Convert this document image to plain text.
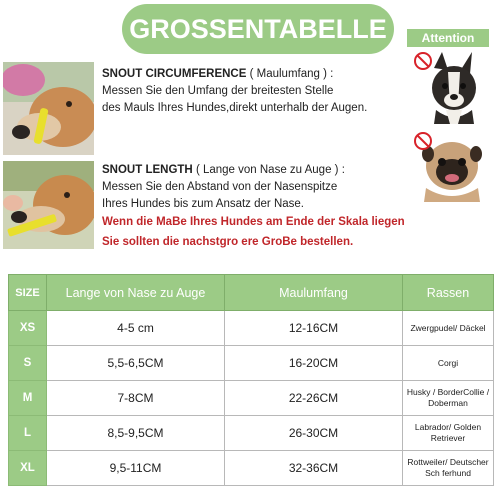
GROSSENTABELLE	Attention
SNOUT CIRCUMFERENCE ( Maulumfang ) :
Messen Sie den Umfang der breitesten Stelle
des Mauls Ihres Hundes,direkt unterhalb der Augen.
SNOUT LENGTH ( Lange von Nase zu Auge ) :
Messen Sie den Abstand von der Nasenspitze
Ihres Hundes bis zum Ansatz der Nase.
Wenn die MaBe Ihres Hundes am Ende der Skala liegen
Sie sollten die nachstgro ere GroBe bestellen.
SIZE	Lange von Nase zu Auge	Maulumfang	Rassen
XS	4-5 cm	12-16CM	Zwergpudel/ Däckel
S	5,5-6,5CM	16-20CM	Corgi
M	7-8CM	22-26CM	Husky / BorderCollie / Doberman
L	8,5-9,5CM	26-30CM	Labrador/ Golden Retriever
XL	9,5-11CM	32-36CM	Rottweiler/ Deutscher Sch ferhund
